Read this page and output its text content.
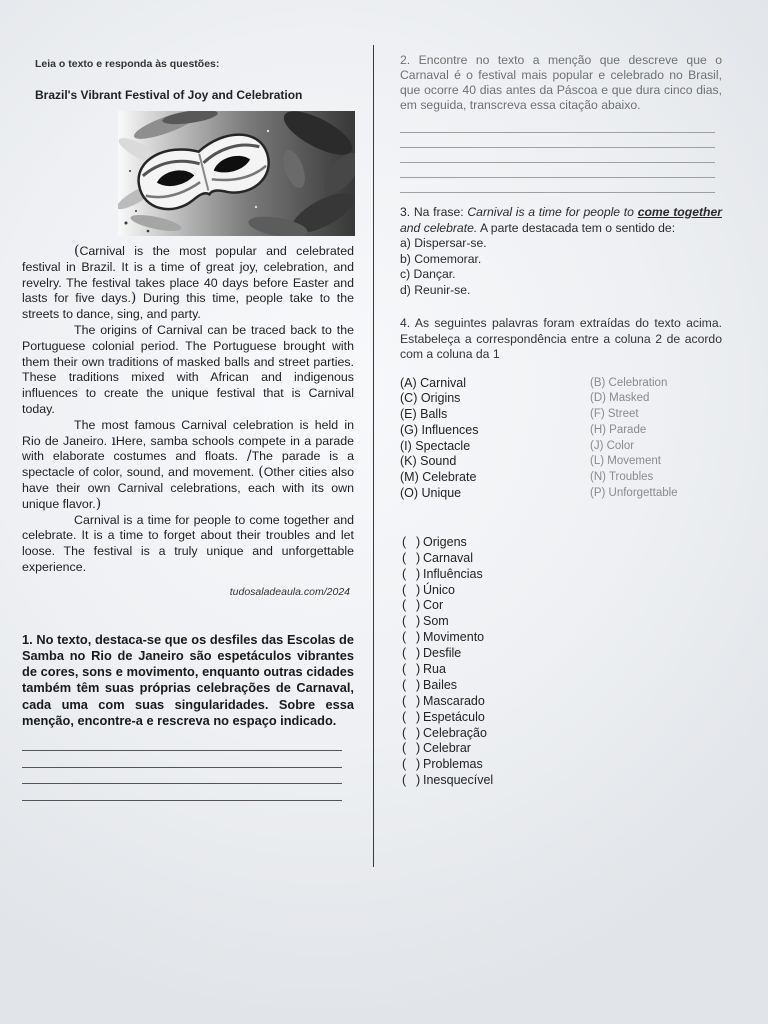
Leia o texto e responda às questões:
Brazil's Vibrant Festival of Joy and Celebration

(Carnival is the most popular and celebrated festival in Brazil. It is a time of great joy, celebration, and revelry. The festival takes place 40 days before Easter and lasts for five days.) During this time, people take to the streets to dance, sing, and party.

The origins of Carnival can be traced back to the Portuguese colonial period. The Portuguese brought with them their own traditions of masked balls and street parties. These traditions mixed with African and indigenous influences to create the unique festival that is Carnival today.

The most famous Carnival celebration is held in Rio de Janeiro. ıHere, samba schools compete in a parade with elaborate costumes and floats. /The parade is a spectacle of color, sound, and movement. (Other cities also have their own Carnival celebrations, each with its own unique flavor.)

Carnival is a time for people to come together and celebrate. It is a time to forget about their troubles and let loose. The festival is a truly unique and unforgettable experience.

tudosaladeaula.com/2024
1. No texto, destaca-se que os desfiles das Escolas de Samba no Rio de Janeiro são espetáculos vibrantes de cores, sons e movimento, enquanto outras cidades também têm suas próprias celebrações de Carnaval, cada uma com suas singularidades. Sobre essa menção, encontre-a e rescreva no espaço indicado.
2. Encontre no texto a menção que descreve que o Carnaval é o festival mais popular e celebrado no Brasil, que ocorre 40 dias antes da Páscoa e que dura cinco dias, em seguida, transcreva essa citação abaixo.
3. Na frase: Carnival is a time for people to come together and celebrate. A parte destacada tem o sentido de:
a) Dispersar-se.
b) Comemorar.
c) Dançar.
d) Reunir-se.
4. As seguintes palavras foram extraídas do texto acima. Estabeleça a correspondência entre a coluna 2 de acordo com a coluna da 1
(A) Carnival	(B) Celebration
(C) Origins	(D) Masked
(E) Balls	(F) Street
(G) Influences	(H) Parade
(I) Spectacle	(J) Color
(K) Sound	(L) Movement
(M) Celebrate	(N) Troubles
(O) Unique	(P) Unforgettable
( ) Origens
( ) Carnaval
( ) Influências
( ) Único
( ) Cor
( ) Som
( ) Movimento
( ) Desfile
( ) Rua
( ) Bailes
( ) Mascarado
( ) Espetáculo
( ) Celebração
( ) Celebrar
( ) Problemas
( ) Inesquecível
